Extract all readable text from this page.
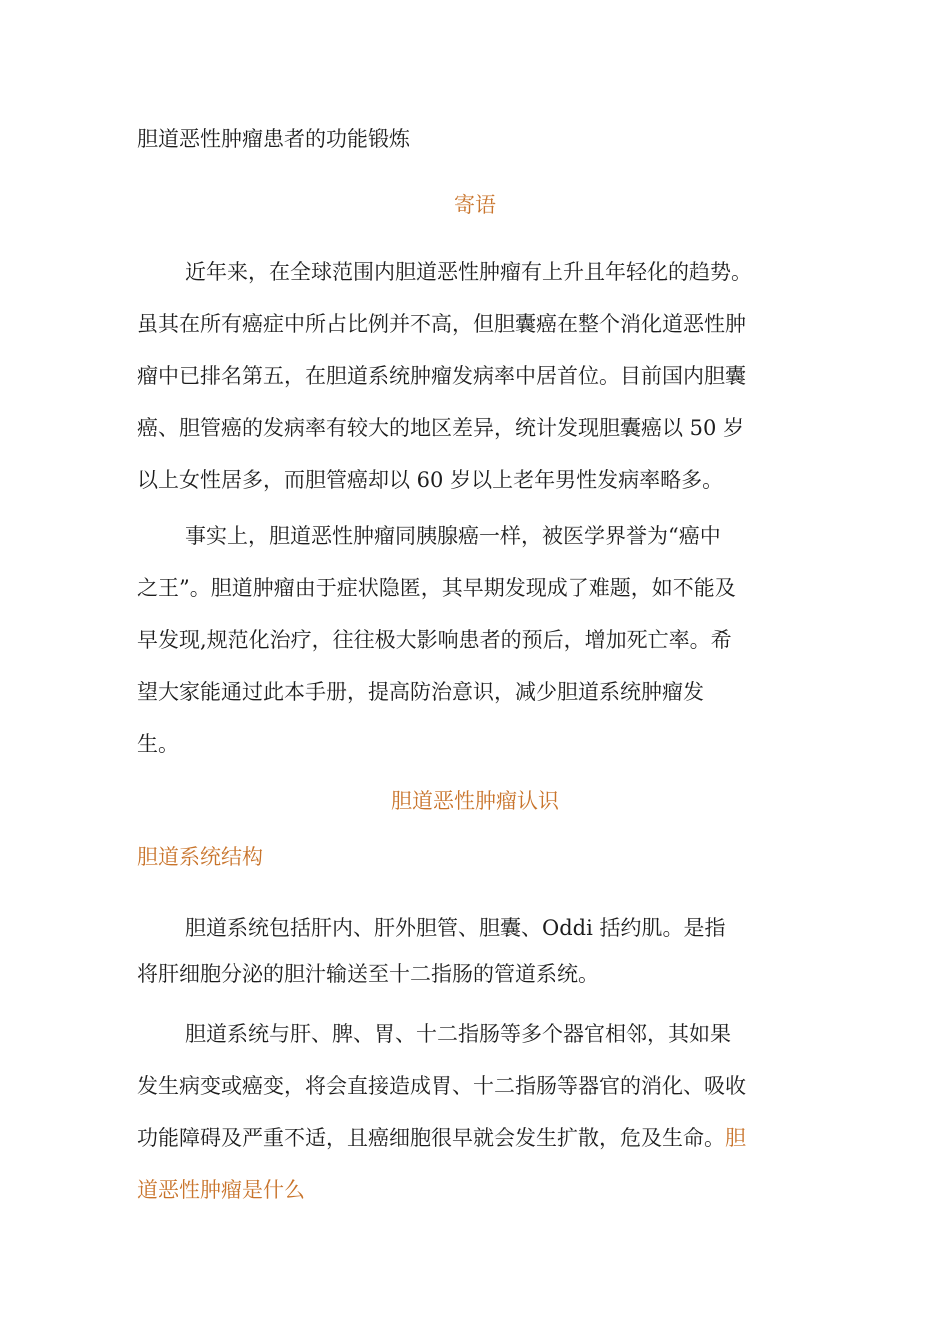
胆道恶性肿瘤患者的功能锻炼
寄语
近年来，在全球范围内胆道恶性肿瘤有上升且年轻化的趋势。
虽其在所有癌症中所占比例并不高，但胆囊癌在整个消化道恶性肿
瘤中已排名第五，在胆道系统肿瘤发病率中居首位。目前国内胆囊
癌、胆管癌的发病率有较大的地区差异，统计发现胆囊癌以 50 岁
以上女性居多，而胆管癌却以 60 岁以上老年男性发病率略多。
事实上，胆道恶性肿瘤同胰腺癌一样，被医学界誉为“癌中
之王”。胆道肿瘤由于症状隐匿，其早期发现成了难题，如不能及
早发现,规范化治疗，往往极大影响患者的预后，增加死亡率。希
望大家能通过此本手册，提高防治意识，减少胆道系统肿瘤发
生。
胆道恶性肿瘤认识
胆道系统结构
胆道系统包括肝内、肝外胆管、胆囊、Oddi 括约肌。是指
将肝细胞分泌的胆汁输送至十二指肠的管道系统。
胆道系统与肝、脾、胃、十二指肠等多个器官相邻，其如果
发生病变或癌变，将会直接造成胃、十二指肠等器官的消化、吸收
功能障碍及严重不适，且癌细胞很早就会发生扩散，危及生命。胆
道恶性肿瘤是什么
